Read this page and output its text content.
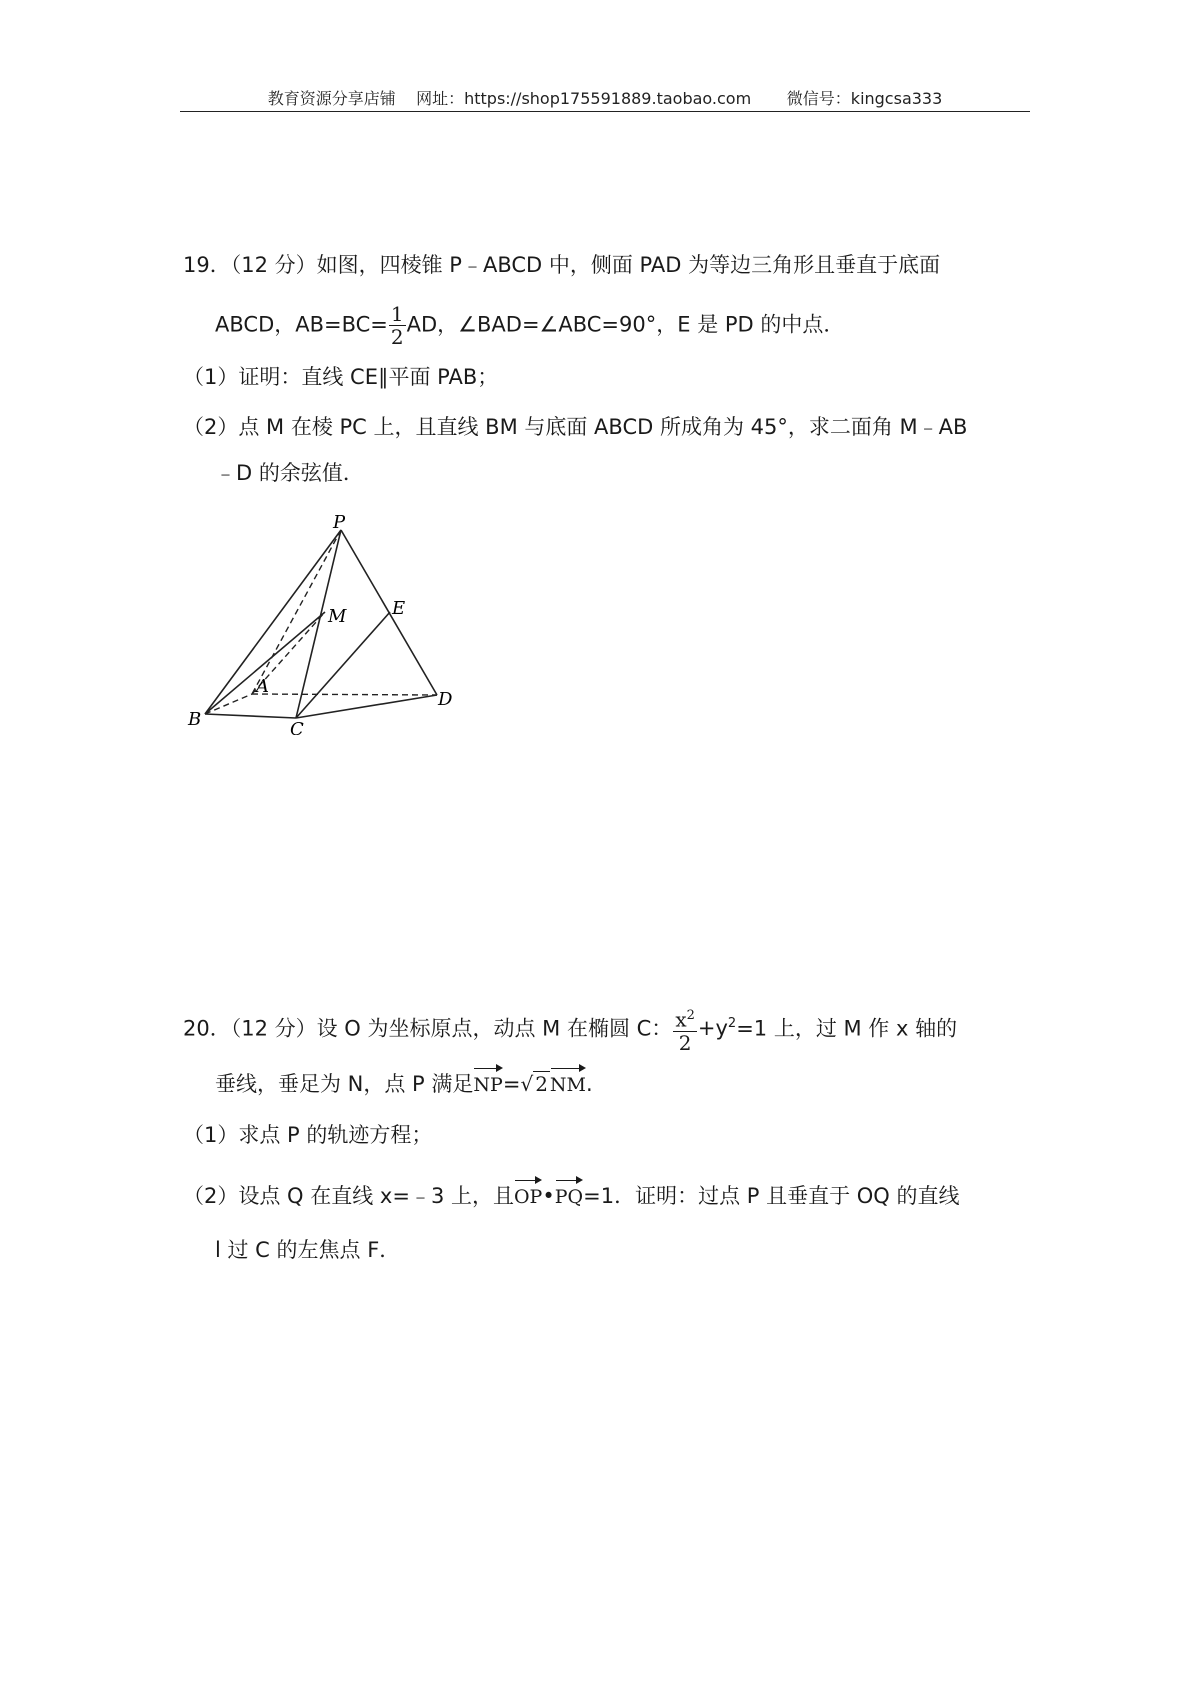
教育资源分享店铺 网址：https://shop175591889.taobao.com 微信号：kingcsa333
19．（12 分）如图，四棱锥 P﹣ABCD 中，侧面 PAD 为等边三角形且垂直于底面
ABCD，$AB=BC= \frac{1}{2}$ AD，∠BAD=∠ABC=90°，E 是 PD 的中点．
（1）证明：直线 CE∥平面 PAB；
（2）点 M 在棱 PC 上，且直线 BM 与底面 ABCD 所成角为 45°，求二面角 M﹣AB
﹣D 的余弦值．
P
M	E
A
B	C
D
20．（12 分）设 O 为坐标原点，动点 M 在椭圆 C： $\frac{x^2}{2} +y^2=1$ 上，过 M 作 x 轴的
垂线，垂足为 N，点 P 满足NP=√ 2 NM.
（1）求点 P 的轨迹方程；
（2）设点 Q 在直线 x=﹣3 上，且OP•PQ=1．证明：过点 P 且垂直于 OQ 的直线
l 过 C 的左焦点 F．
